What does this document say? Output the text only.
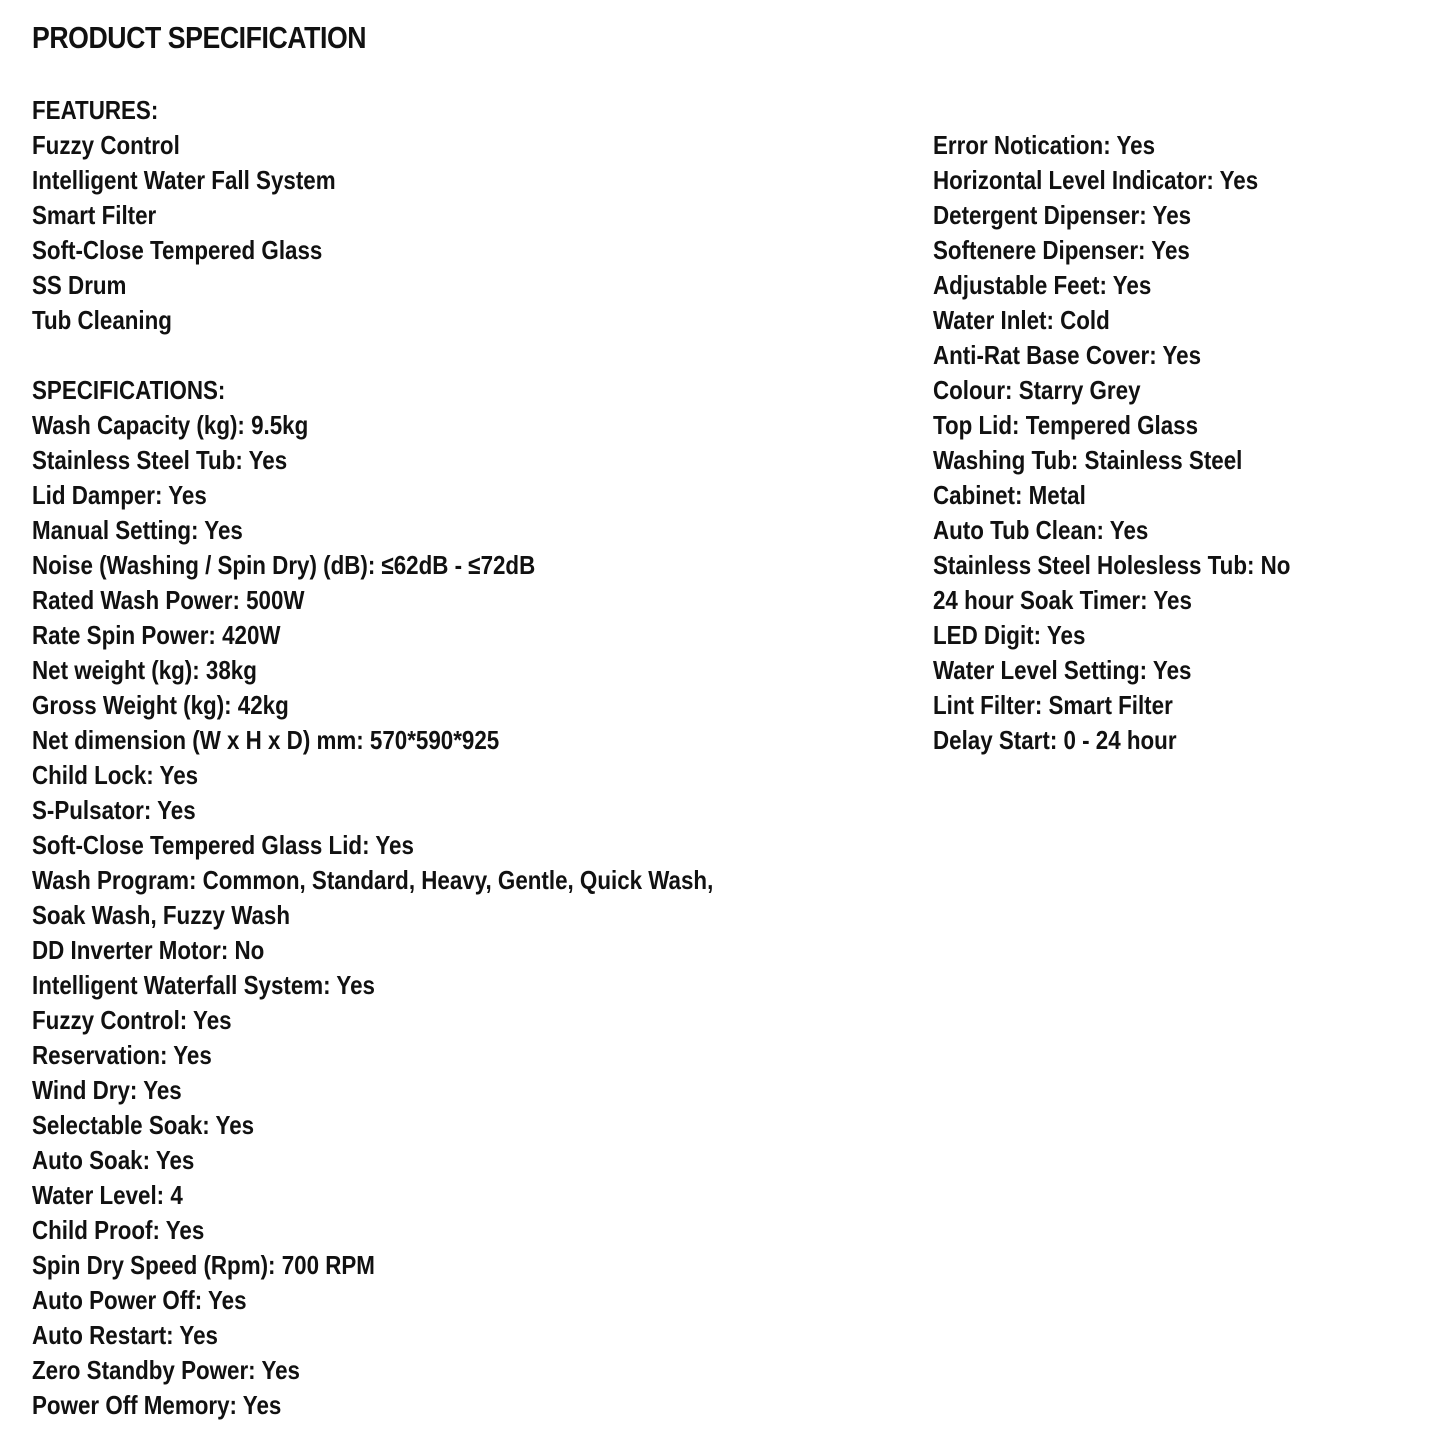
PRODUCT SPECIFICATION
FEATURES:
Fuzzy Control
Intelligent Water Fall System
Smart Filter
Soft-Close Tempered Glass
SS Drum
Tub Cleaning
SPECIFICATIONS:
Wash Capacity (kg): 9.5kg
Stainless Steel Tub: Yes
Lid Damper: Yes
Manual Setting: Yes
Noise (Washing / Spin Dry) (dB): ≤62dB - ≤72dB
Rated Wash Power: 500W
Rate Spin Power: 420W
Net weight (kg): 38kg
Gross Weight (kg): 42kg
Net dimension (W x H x D) mm: 570*590*925
Child Lock: Yes
S-Pulsator: Yes
Soft-Close Tempered Glass Lid: Yes
Wash Program: Common, Standard, Heavy, Gentle, Quick Wash,
Soak Wash, Fuzzy Wash
DD Inverter Motor: No
Intelligent Waterfall System: Yes
Fuzzy Control: Yes
Reservation: Yes
Wind Dry: Yes
Selectable Soak: Yes
Auto Soak: Yes
Water Level: 4
Child Proof: Yes
Spin Dry Speed (Rpm): 700 RPM
Auto Power Off: Yes
Auto Restart: Yes
Zero Standby Power: Yes
Power Off Memory: Yes
Error Notication: Yes
Horizontal Level Indicator: Yes
Detergent Dipenser: Yes
Softenere Dipenser: Yes
Adjustable Feet: Yes
Water Inlet: Cold
Anti-Rat Base Cover: Yes
Colour: Starry Grey
Top Lid: Tempered Glass
Washing Tub: Stainless Steel
Cabinet: Metal
Auto Tub Clean: Yes
Stainless Steel Holesless Tub: No
24 hour Soak Timer: Yes
LED Digit: Yes
Water Level Setting: Yes
Lint Filter: Smart Filter
Delay Start: 0 - 24 hour
